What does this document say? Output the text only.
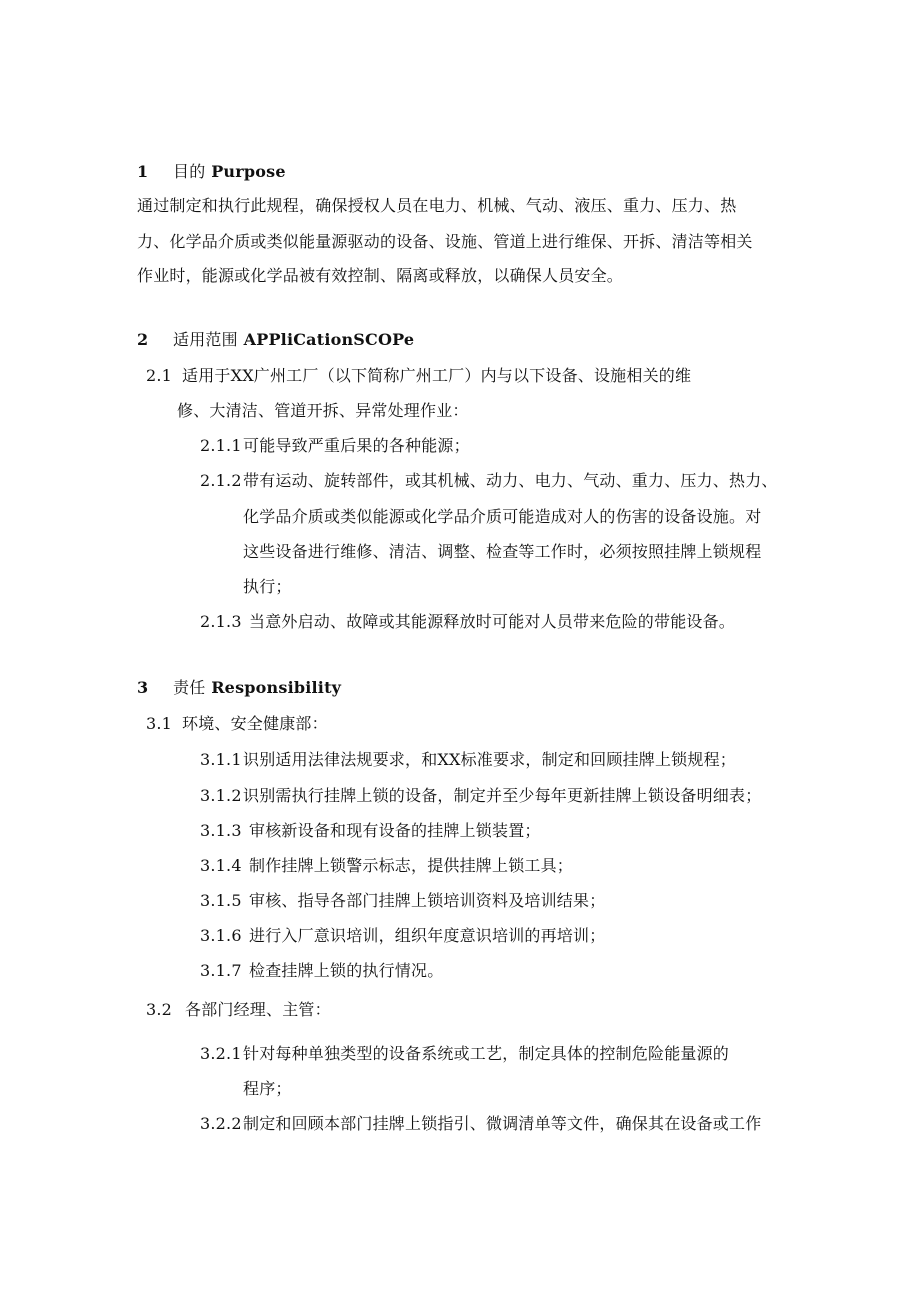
1 目的 Purpose
通过制定和执行此规程，确保授权人员在电力、机械、气动、液压、重力、压力、热
力、化学品介质或类似能量源驱动的设备、设施、管道上进行维保、开拆、清洁等相关
作业时，能源或化学品被有效控制、隔离或释放，以确保人员安全。
2 适用范围 APPliCationSCOPe
2.1 适用于XX广州工厂（以下简称广州工厂）内与以下设备、设施相关的维
修、大清洁、管道开拆、异常处理作业：
2.1.1可能导致严重后果的各种能源；
2.1.2带有运动、旋转部件，或其机械、动力、电力、气动、重力、压力、热力、
化学品介质或类似能源或化学品介质可能造成对人的伤害的设备设施。对
这些设备进行维修、清洁、调整、检查等工作时，必须按照挂牌上锁规程
执行；
2.1.3 当意外启动、故障或其能源释放时可能对人员带来危险的带能设备。
3 责任 Responsibility
3.1 环境、安全健康部：
3.1.1识别适用法律法规要求，和XX标准要求，制定和回顾挂牌上锁规程；
3.1.2识别需执行挂牌上锁的设备，制定并至少每年更新挂牌上锁设备明细表；
3.1.3 审核新设备和现有设备的挂牌上锁装置；
3.1.4 制作挂牌上锁警示标志，提供挂牌上锁工具；
3.1.5 审核、指导各部门挂牌上锁培训资料及培训结果；
3.1.6 进行入厂意识培训，组织年度意识培训的再培训；
3.1.7 检查挂牌上锁的执行情况。
3.2 各部门经理、主管：
3.2.1针对每种单独类型的设备系统或工艺，制定具体的控制危险能量源的
程序；
3.2.2制定和回顾本部门挂牌上锁指引、微调清单等文件，确保其在设备或工作
